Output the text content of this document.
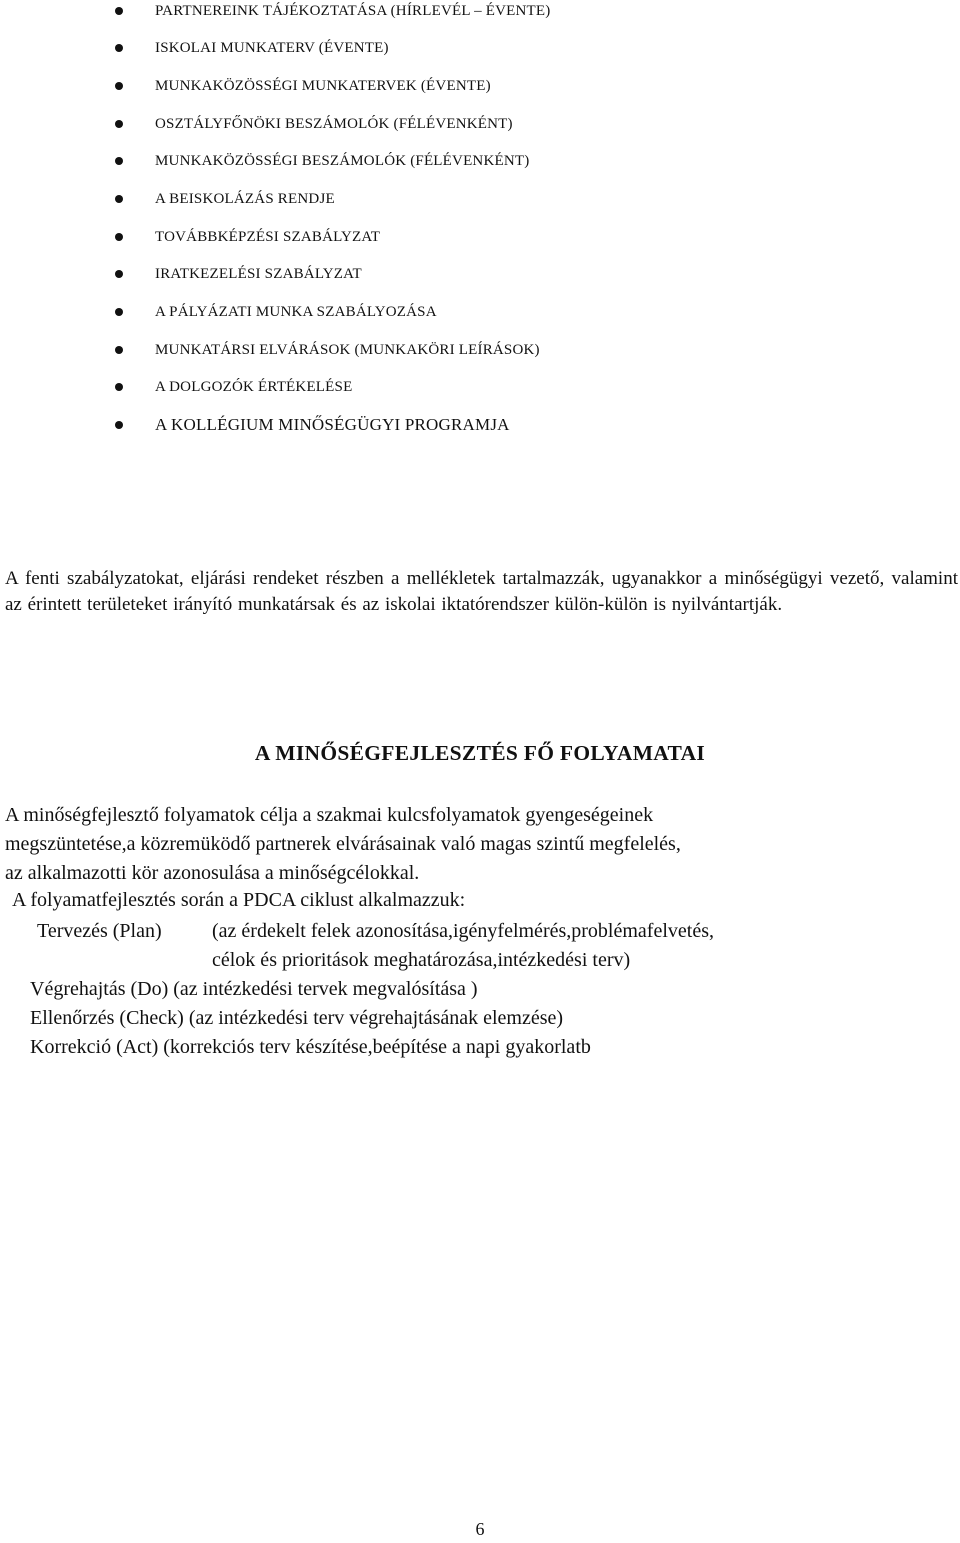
PARTNEREINK TÁJÉKOZTATÁSA (HÍRLEVÉL – ÉVENTE)
ISKOLAI MUNKATERV (ÉVENTE)
MUNKAKÖZÖSSÉGI MUNKATERVEK (ÉVENTE)
OSZTÁLYFŐNÖKI BESZÁMOLÓK (FÉLÉVENKÉNT)
MUNKAKÖZÖSSÉGI BESZÁMOLÓK (FÉLÉVENKÉNT)
A BEISKOLÁZÁS RENDJE
TOVÁBBKÉPZÉSI SZABÁLYZAT
IRATKEZELÉSI SZABÁLYZAT
A PÁLYÁZATI MUNKA SZABÁLYOZÁSA
MUNKATÁRSI ELVÁRÁSOK (MUNKAKÖRI LEÍRÁSOK)
A DOLGOZÓK ÉRTÉKELÉSE
A KOLLÉGIUM MINŐSÉGÜGYI PROGRAMJA

A fenti szabályzatokat, eljárási rendeket részben a mellékletek tartalmazzák, ugyanakkor a minőségügyi vezető, valamint az érintett területeket irányító munkatársak és az iskolai iktatórendszer külön-külön is nyilvántartják.

A MINŐSÉGFEJLESZTÉS FŐ FOLYAMATAI
A minőségfejlesztő folyamatok célja a szakmai kulcsfolyamatok gyengeségeinek
megszüntetése,a közremüködő partnerek elvárásainak való magas szintű megfelelés,
az alkalmazotti kör azonosulása a minőségcélokkal.
A folyamatfejlesztés során a PDCA ciklust alkalmazzuk:
Tervezés (Plan)	(az érdekelt felek azonosítása,igényfelmérés,problémafelvetés,
célok és prioritások meghatározása,intézkedési terv)
Végrehajtás (Do) (az intézkedési tervek megvalósítása )
Ellenőrzés (Check) (az intézkedési terv végrehajtásának elemzése)
Korrekció (Act) (korrekciós terv készítése,beépítése a napi gyakorlatb
6
